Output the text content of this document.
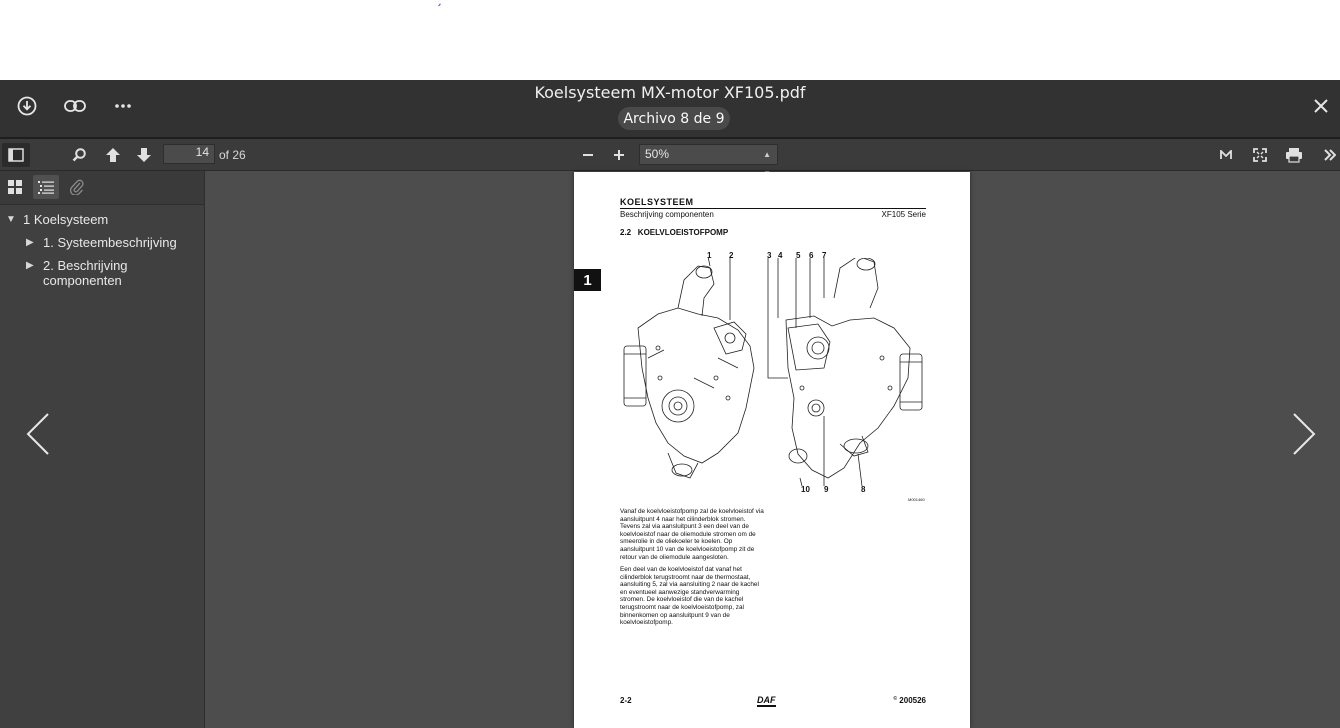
ʼ
Koelsysteem MX-motor XF105.pdf
Archivo 8 de 9
14 of 26	50%	▲

▼ 1 Koelsysteem
▶ 1. Systeembeschrijving
▶ 2. Beschrijving componenten
KOELSYSTEEM
Beschrijving componenten	XF105 Serie
2.2   KOELVLOEISTOFPOMP
1 2	3 4 5 6 7
10 9	8
M001460
Vanaf de koelvloeistofpomp zal de koelvloeistof via aansluitpunt 4 naar het cilinderblok stromen. Tevens zal via aansluitpunt 3 een deel van de koelvloeistof naar de oliemodule stromen om de smeerolie in de oliekoeler te koelen. Op aansluitpunt 10 van de koelvloeistofpomp zit de retour van de oliemodule aangesloten.
Een deel van de koelvloeistof dat vanaf het cilinderblok terugstroomt naar de thermostaat, aansluiting 5, zal via aansluiting 2 naar de kachel en eventueel aanwezige standverwarming stromen. De koelvloeistof die van de kachel terugstroomt naar de koelvloeistofpomp, zal binnenkomen op aansluitpunt 9 van de koelvloeistofpomp.
2-2	DAF	© 200526
1
